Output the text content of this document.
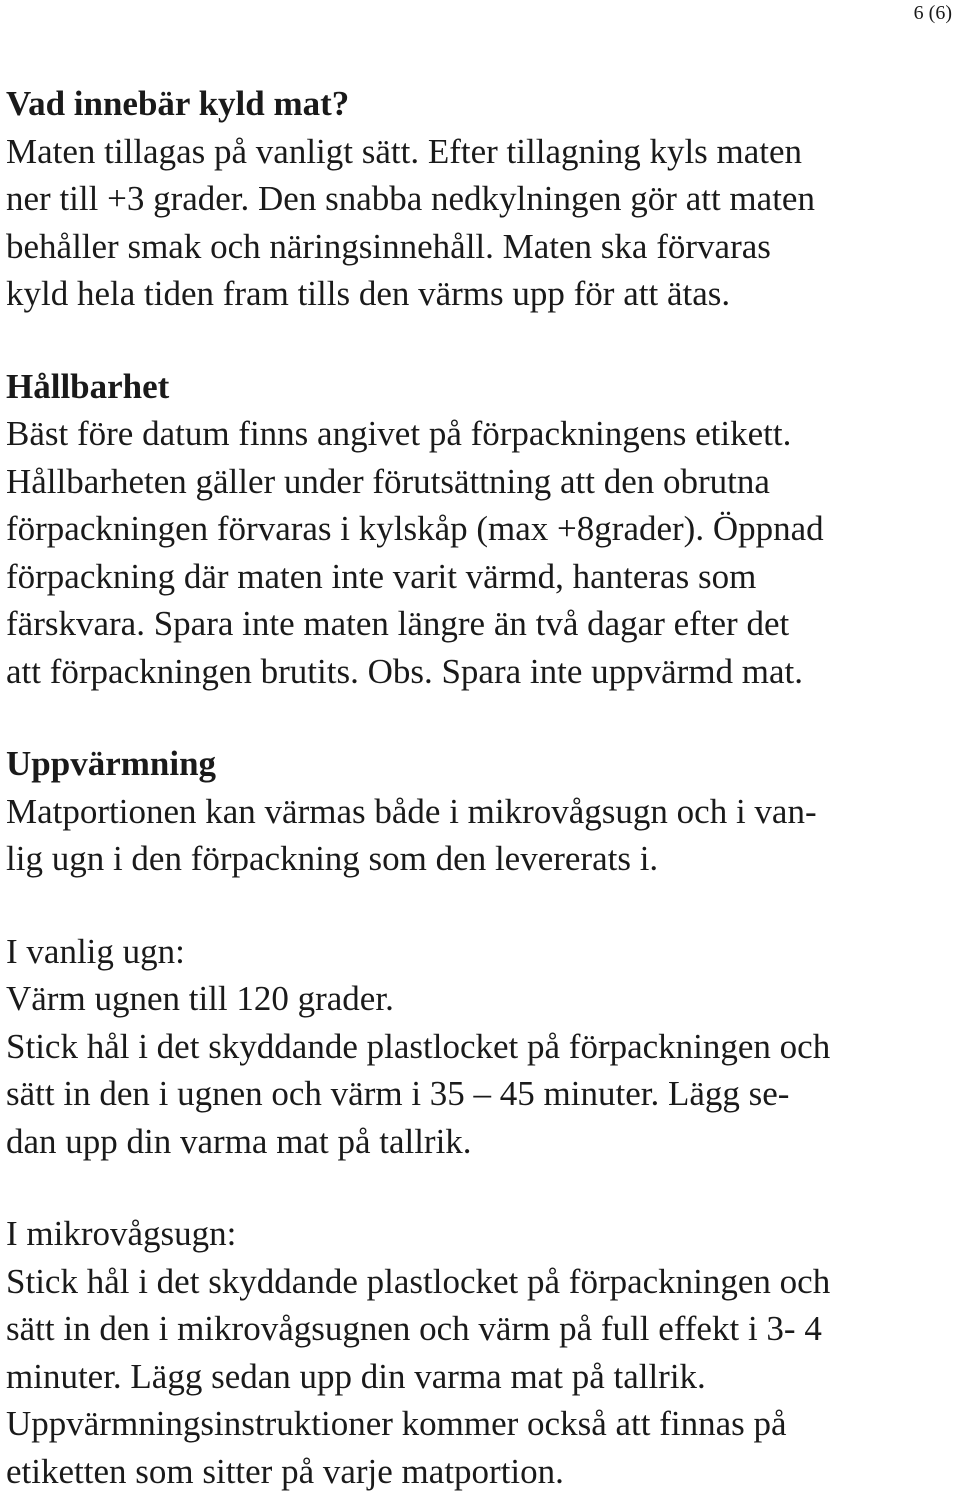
6 (6)
Vad innebär kyld mat?
Maten tillagas på vanligt sätt. Efter tillagning kyls maten
ner till +3 grader. Den snabba nedkylningen gör att maten
behåller smak och näringsinnehåll. Maten ska förvaras
kyld hela tiden fram tills den värms upp för att ätas.
Hållbarhet
Bäst före datum finns angivet på förpackningens etikett.
Hållbarheten gäller under förutsättning att den obrutna
förpackningen förvaras i kylskåp (max +8grader). Öppnad
förpackning där maten inte varit värmd, hanteras som
färskvara. Spara inte maten längre än två dagar efter det
att förpackningen brutits. Obs. Spara inte uppvärmd mat.
Uppvärmning
Matportionen kan värmas både i mikrovågsugn och i van-
lig ugn i den förpackning som den levererats i.
I vanlig ugn:
Värm ugnen till 120 grader.
Stick hål i det skyddande plastlocket på förpackningen och
sätt in den i ugnen och värm i 35 – 45 minuter. Lägg se-
dan upp din varma mat på tallrik.
I mikrovågsugn:
Stick hål i det skyddande plastlocket på förpackningen och
sätt in den i mikrovågsugnen och värm på full effekt i 3- 4
minuter. Lägg sedan upp din varma mat på tallrik.
Uppvärmningsinstruktioner kommer också att finnas på
etiketten som sitter på varje matportion.
